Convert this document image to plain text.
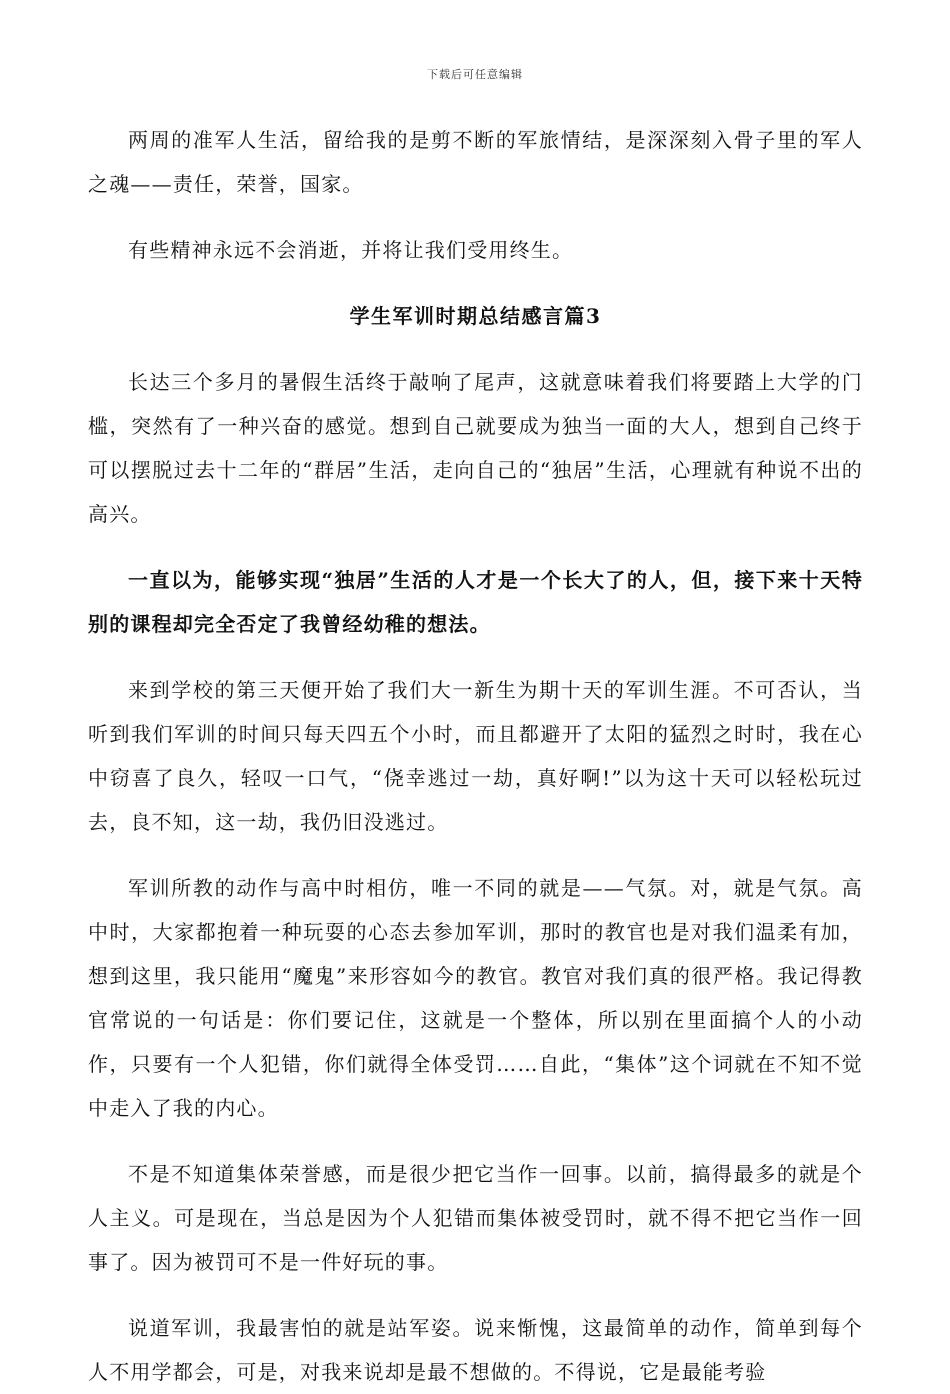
下载后可任意编辑

两周的准军人生活，留给我的是剪不断的军旅情结，是深深刻入骨子里的军人之魂——责任，荣誉，国家。

有些精神永远不会消逝，并将让我们受用终生。

学生军训时期总结感言篇3

长达三个多月的暑假生活终于敲响了尾声，这就意味着我们将要踏上大学的门槛，突然有了一种兴奋的感觉。想到自己就要成为独当一面的大人，想到自己终于可以摆脱过去十二年的“群居”生活，走向自己的“独居”生活，心理就有种说不出的高兴。

一直以为，能够实现“独居”生活的人才是一个长大了的人，但，接下来十天特别的课程却完全否定了我曾经幼稚的想法。

来到学校的第三天便开始了我们大一新生为期十天的军训生涯。不可否认，当听到我们军训的时间只每天四五个小时，而且都避开了太阳的猛烈之时时，我在心中窃喜了良久，轻叹一口气，“侥幸逃过一劫，真好啊!”以为这十天可以轻松玩过去，良不知，这一劫，我仍旧没逃过。

军训所教的动作与高中时相仿，唯一不同的就是——气氛。对，就是气氛。高中时，大家都抱着一种玩耍的心态去参加军训，那时的教官也是对我们温柔有加，想到这里，我只能用“魔鬼”来形容如今的教官。教官对我们真的很严格。我记得教官常说的一句话是：你们要记住，这就是一个整体，所以别在里面搞个人的小动作，只要有一个人犯错，你们就得全体受罚……自此，“集体”这个词就在不知不觉中走入了我的内心。

不是不知道集体荣誉感，而是很少把它当作一回事。以前，搞得最多的就是个人主义。可是现在，当总是因为个人犯错而集体被受罚时，就不得不把它当作一回事了。因为被罚可不是一件好玩的事。

说道军训，我最害怕的就是站军姿。说来惭愧，这最简单的动作，简单到每个人不用学都会，可是，对我来说却是最不想做的。不得说，它是最能考验
